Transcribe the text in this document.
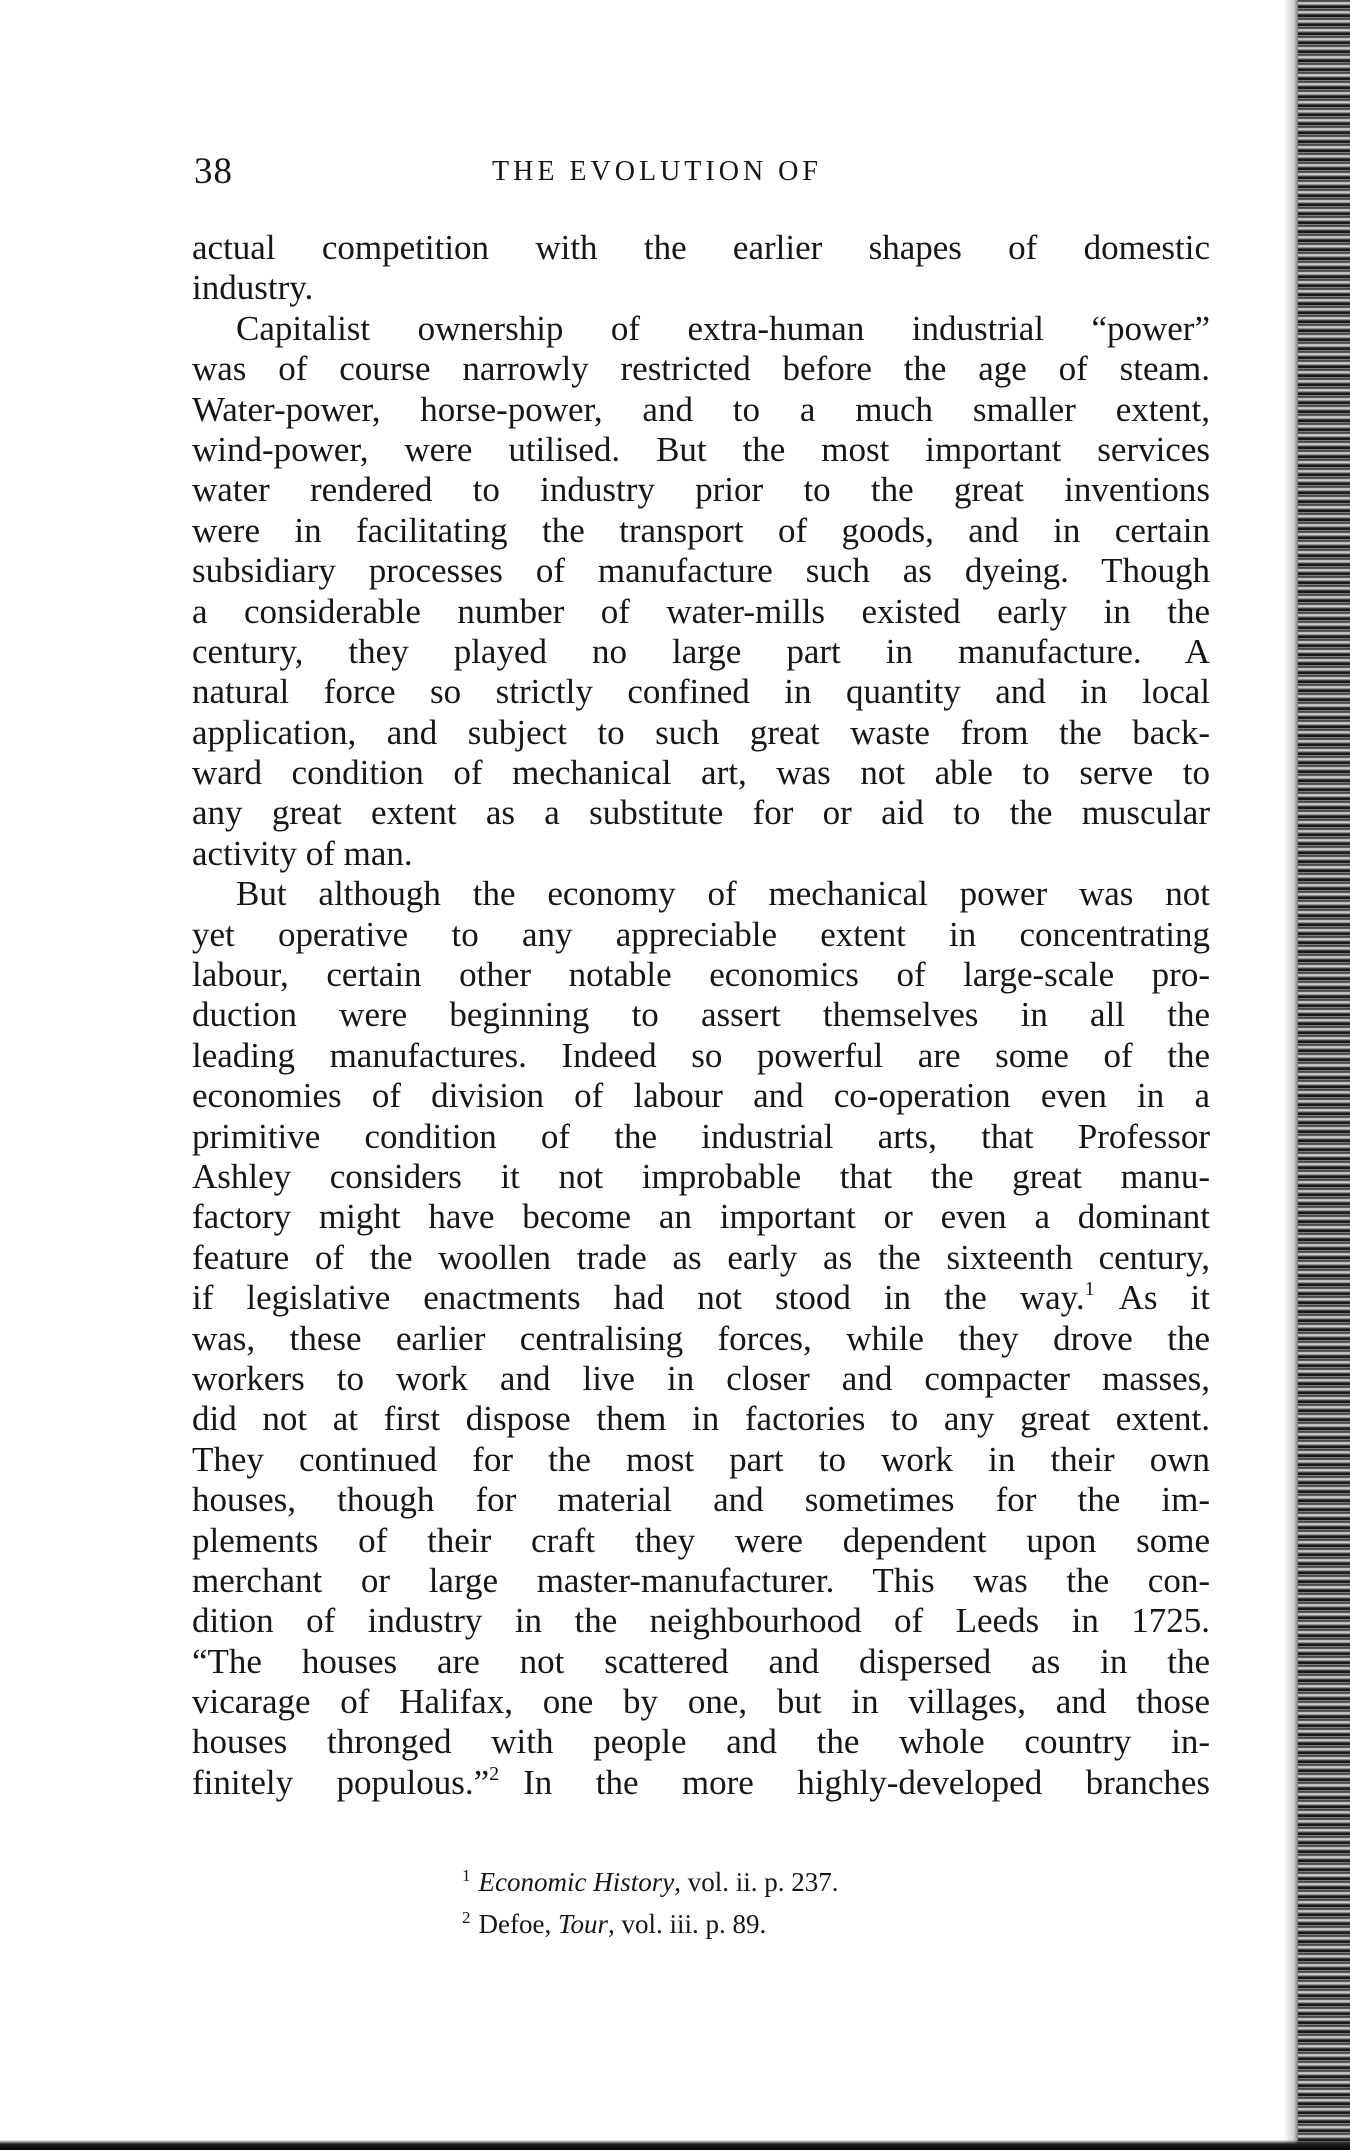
38	THE EVOLUTION OF
actual competition with the earlier shapes of domestic
industry.
Capitalist ownership of extra-human industrial “power”
was of course narrowly restricted before the age of steam.
Water-power, horse-power, and to a much smaller extent,
wind-power, were utilised. But the most important services
water rendered to industry prior to the great inventions
were in facilitating the transport of goods, and in certain
subsidiary processes of manufacture such as dyeing. Though
a considerable number of water-mills existed early in the
century, they played no large part in manufacture. A
natural force so strictly confined in quantity and in local
application, and subject to such great waste from the back-
ward condition of mechanical art, was not able to serve to
any great extent as a substitute for or aid to the muscular
activity of man.
But although the economy of mechanical power was not
yet operative to any appreciable extent in concentrating
labour, certain other notable economics of large-scale pro-
duction were beginning to assert themselves in all the
leading manufactures. Indeed so powerful are some of the
economies of division of labour and co-operation even in a
primitive condition of the industrial arts, that Professor
Ashley considers it not improbable that the great manu-
factory might have become an important or even a dominant
feature of the woollen trade as early as the sixteenth century,
if legislative enactments had not stood in the way.$^1$ As it
was, these earlier centralising forces, while they drove the
workers to work and live in closer and compacter masses,
did not at first dispose them in factories to any great extent.
They continued for the most part to work in their own
houses, though for material and sometimes for the im-
plements of their craft they were dependent upon some
merchant or large master-manufacturer. This was the con-
dition of industry in the neighbourhood of Leeds in 1725.
“The houses are not scattered and dispersed as in the
vicarage of Halifax, one by one, but in villages, and those
houses thronged with people and the whole country in-
finitely populous.”$^2$ In the more highly-developed branches
$^1$ Economic History, vol. ii. p. 237.
$^2$ Defoe, Tour, vol. iii. p. 89.
